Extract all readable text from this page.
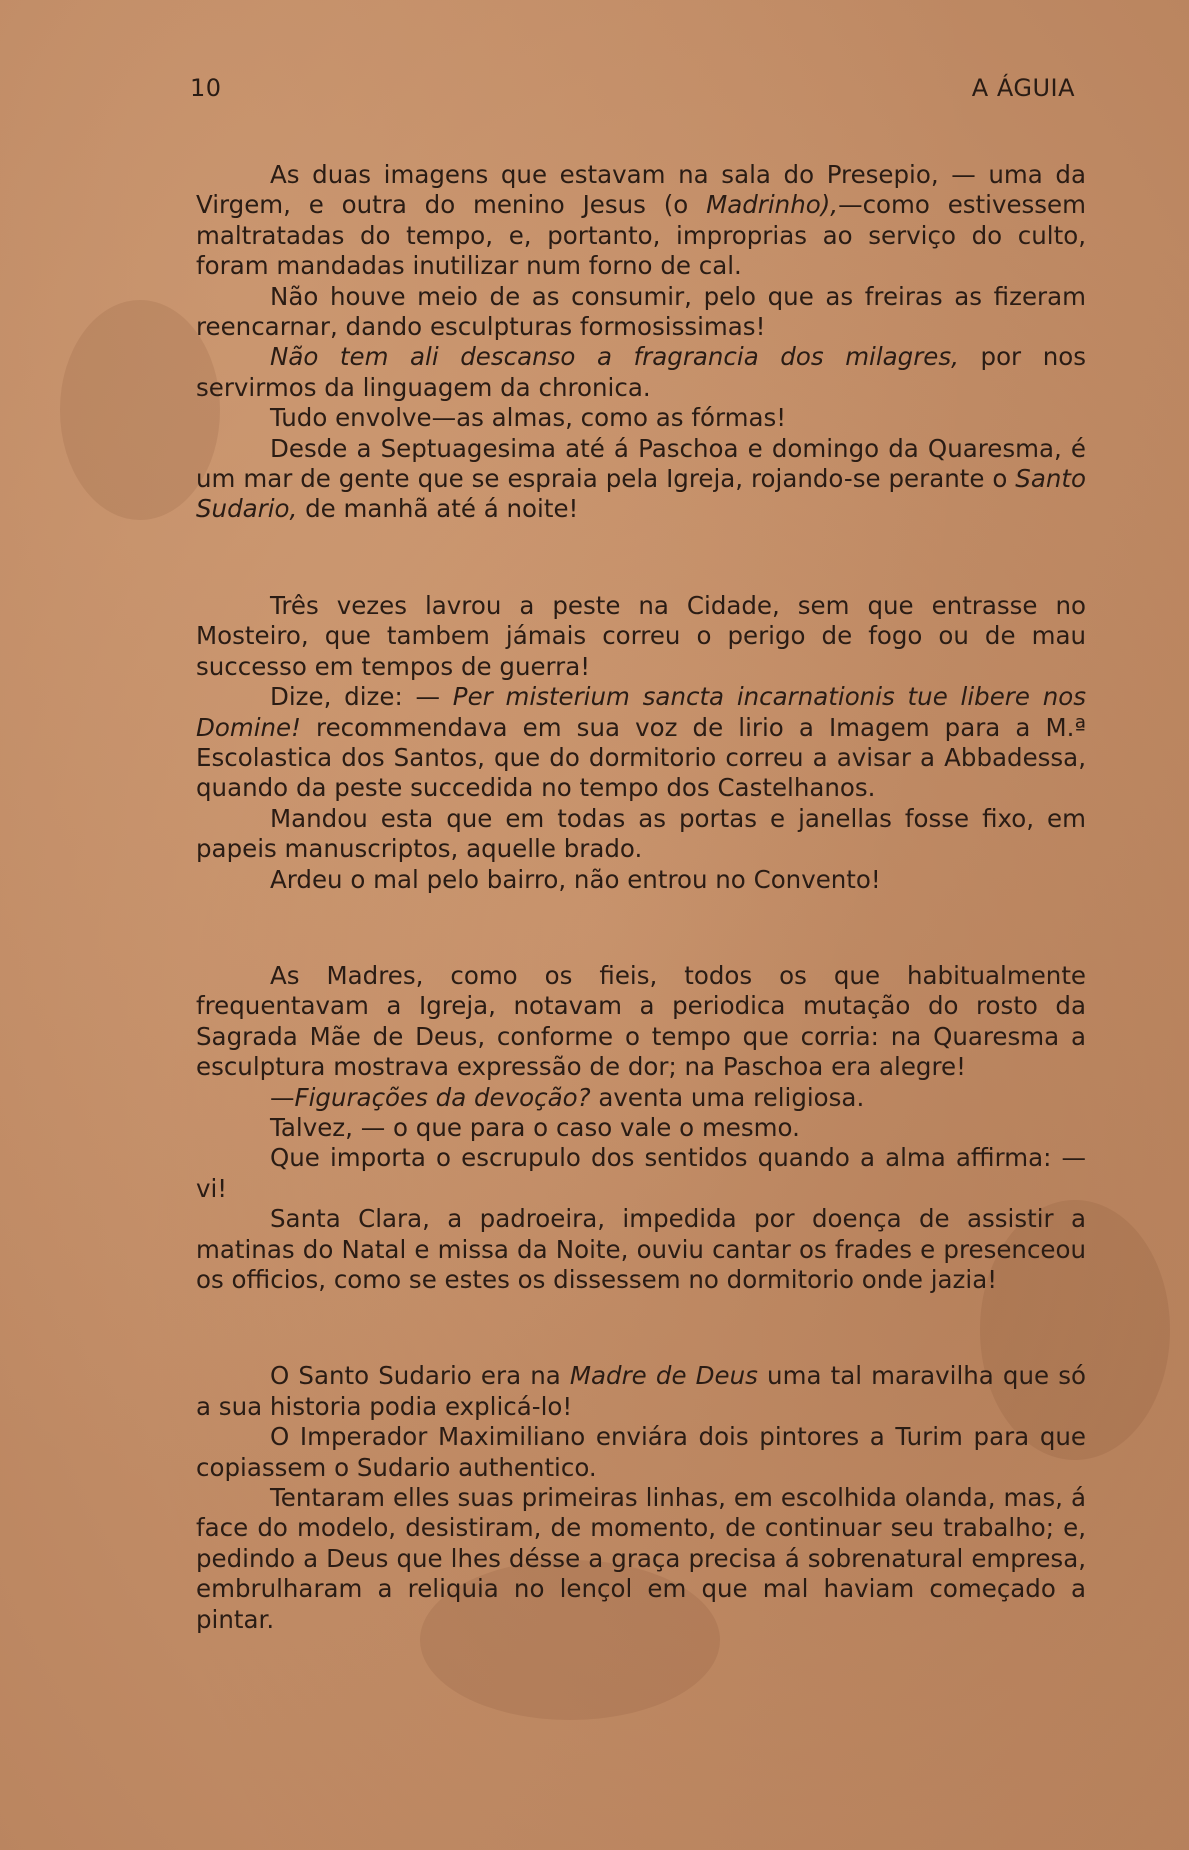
10	A ÁGUIA

As duas imagens que estavam na sala do Presepio, — uma da Virgem, e outra do menino Jesus (o Madrinho),—como estivessem maltratadas do tempo, e, portanto, improprias ao serviço do culto, foram mandadas inutilizar num forno de cal.

Não houve meio de as consumir, pelo que as freiras as fizeram reencarnar, dando esculpturas formosissimas!

Não tem ali descanso a fragrancia dos milagres, por nos servirmos da linguagem da chronica.

Tudo envolve—as almas, como as fórmas!

Desde a Septuagesima até á Paschoa e domingo da Quaresma, é um mar de gente que se espraia pela Igreja, rojando-se perante o Santo Sudario, de manhã até á noite!

Três vezes lavrou a peste na Cidade, sem que entrasse no Mosteiro, que tambem jámais correu o perigo de fogo ou de mau successo em tempos de guerra!

Dize, dize: — Per misterium sancta incarnationis tue libere nos Domine! recommendava em sua voz de lirio a Imagem para a M.ª Escolastica dos Santos, que do dormitorio correu a avisar a Abbadessa, quando da peste succedida no tempo dos Castelhanos.

Mandou esta que em todas as portas e janellas fosse fixo, em papeis manuscriptos, aquelle brado.

Ardeu o mal pelo bairro, não entrou no Convento!

As Madres, como os fieis, todos os que habitualmente frequentavam a Igreja, notavam a periodica mutação do rosto da Sagrada Mãe de Deus, conforme o tempo que corria: na Quaresma a esculptura mostrava expressão de dor; na Paschoa era alegre!

—Figurações da devoção? aventa uma religiosa.

Talvez, — o que para o caso vale o mesmo.

Que importa o escrupulo dos sentidos quando a alma affirma: — vi!

Santa Clara, a padroeira, impedida por doença de assistir a matinas do Natal e missa da Noite, ouviu cantar os frades e presenceou os officios, como se estes os dissessem no dormitorio onde jazia!

O Santo Sudario era na Madre de Deus uma tal maravilha que só a sua historia podia explicá-lo!

O Imperador Maximiliano enviára dois pintores a Turim para que copiassem o Sudario authentico.

Tentaram elles suas primeiras linhas, em escolhida olanda, mas, á face do modelo, desistiram, de momento, de continuar seu trabalho; e, pedindo a Deus que lhes désse a graça precisa á sobrenatural empresa, embrulharam a reliquia no lençol em que mal haviam começado a pintar.
